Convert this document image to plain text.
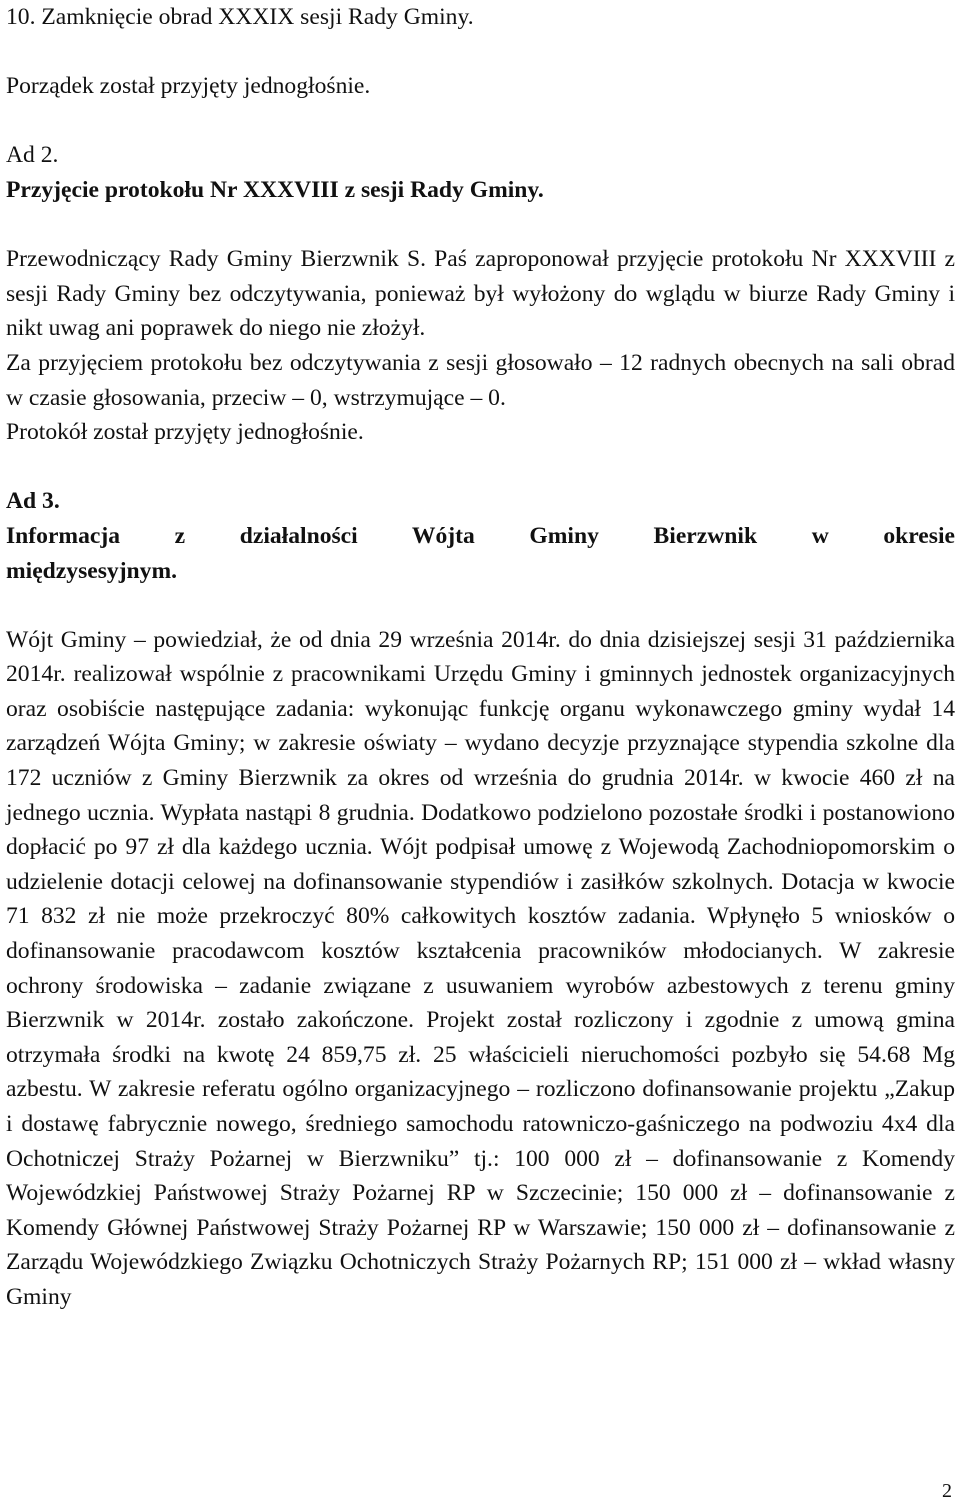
10. Zamknięcie obrad XXXIX sesji Rady Gminy.

Porządek został przyjęty jednogłośnie.

Ad 2.

Przyjęcie protokołu Nr XXXVIII z sesji Rady Gminy.

Przewodniczący Rady Gminy Bierzwnik S. Paś zaproponował przyjęcie protokołu Nr XXXVIII z sesji Rady Gminy bez odczytywania, ponieważ był wyłożony do wglądu w biurze Rady Gminy i nikt uwag ani poprawek do niego nie złożył.

Za przyjęciem protokołu bez odczytywania z sesji głosowało – 12 radnych obecnych na sali obrad w czasie głosowania, przeciw – 0, wstrzymujące – 0.

Protokół został przyjęty jednogłośnie.

Ad 3.

Informacja z działalności Wójta Gminy Bierzwnik w okresie

międzysesyjnym.

Wójt Gminy – powiedział, że od dnia 29 września 2014r. do dnia dzisiejszej sesji 31 października 2014r. realizował wspólnie z pracownikami Urzędu Gminy i gminnych jednostek organizacyjnych oraz osobiście następujące zadania: wykonując funkcję organu wykonawczego gminy wydał 14 zarządzeń Wójta Gminy; w zakresie oświaty – wydano decyzje przyznające stypendia szkolne dla 172 uczniów z Gminy Bierzwnik za okres od września do grudnia 2014r. w kwocie 460 zł na jednego ucznia. Wypłata nastąpi 8 grudnia. Dodatkowo podzielono pozostałe środki i postanowiono dopłacić po 97 zł dla każdego ucznia. Wójt podpisał umowę z Wojewodą Zachodniopomorskim o udzielenie dotacji celowej na dofinansowanie stypendiów i zasiłków szkolnych. Dotacja w kwocie 71 832 zł nie może przekroczyć 80% całkowitych kosztów zadania. Wpłynęło 5 wniosków o dofinansowanie pracodawcom kosztów kształcenia pracowników młodocianych. W zakresie ochrony środowiska – zadanie związane z usuwaniem wyrobów azbestowych z terenu gminy Bierzwnik w 2014r. zostało zakończone. Projekt został rozliczony i zgodnie z umową gmina otrzymała środki na kwotę 24 859,75 zł. 25 właścicieli nieruchomości pozbyło się 54.68 Mg azbestu. W zakresie referatu ogólno organizacyjnego – rozliczono dofinansowanie projektu „Zakup i dostawę fabrycznie nowego, średniego samochodu ratowniczo-gaśniczego na podwoziu 4x4 dla Ochotniczej Straży Pożarnej w Bierzwniku” tj.: 100 000 zł – dofinansowanie z Komendy Wojewódzkiej Państwowej Straży Pożarnej RP w Szczecinie; 150 000 zł – dofinansowanie z Komendy Głównej Państwowej Straży Pożarnej RP w Warszawie; 150 000 zł – dofinansowanie z Zarządu Wojewódzkiego Związku Ochotniczych Straży Pożarnych RP; 151 000 zł – wkład własny Gminy

2
